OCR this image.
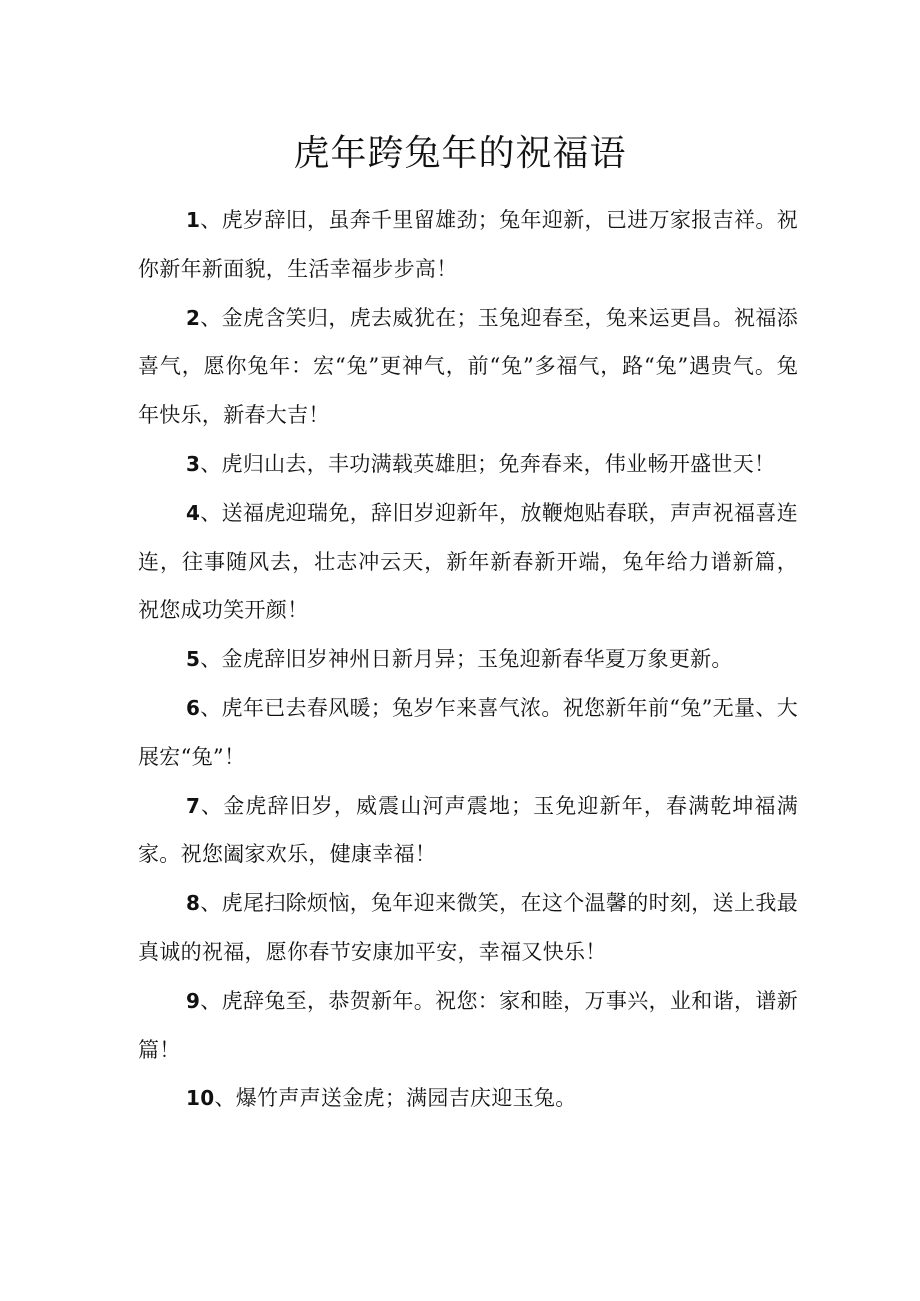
虎年跨兔年的祝福语

1、虎岁辞旧，虽奔千里留雄劲；兔年迎新，已进万家报吉祥。祝你新年新面貌，生活幸福步步高！

2、金虎含笑归，虎去威犹在；玉兔迎春至，兔来运更昌。祝福添喜气，愿你兔年：宏“兔”更神气，前“兔”多福气，路“兔”遇贵气。兔年快乐，新春大吉！

3、虎归山去，丰功满载英雄胆；免奔春来，伟业畅开盛世天！

4、送福虎迎瑞免，辞旧岁迎新年，放鞭炮贴春联，声声祝福喜连连，往事随风去，壮志冲云天，新年新春新开端，兔年给力谱新篇，祝您成功笑开颜！

5、金虎辞旧岁神州日新月异；玉兔迎新春华夏万象更新。

6、虎年已去春风暖；兔岁乍来喜气浓。祝您新年前“兔”无量、大展宏“兔”！

7、金虎辞旧岁，威震山河声震地；玉免迎新年，春满乾坤福满家。祝您阖家欢乐，健康幸福！

8、虎尾扫除烦恼，兔年迎来微笑，在这个温馨的时刻，送上我最真诚的祝福，愿你春节安康加平安，幸福又快乐！

9、虎辞兔至，恭贺新年。祝您：家和睦，万事兴，业和谐，谱新篇！

10、爆竹声声送金虎；满园吉庆迎玉兔。
